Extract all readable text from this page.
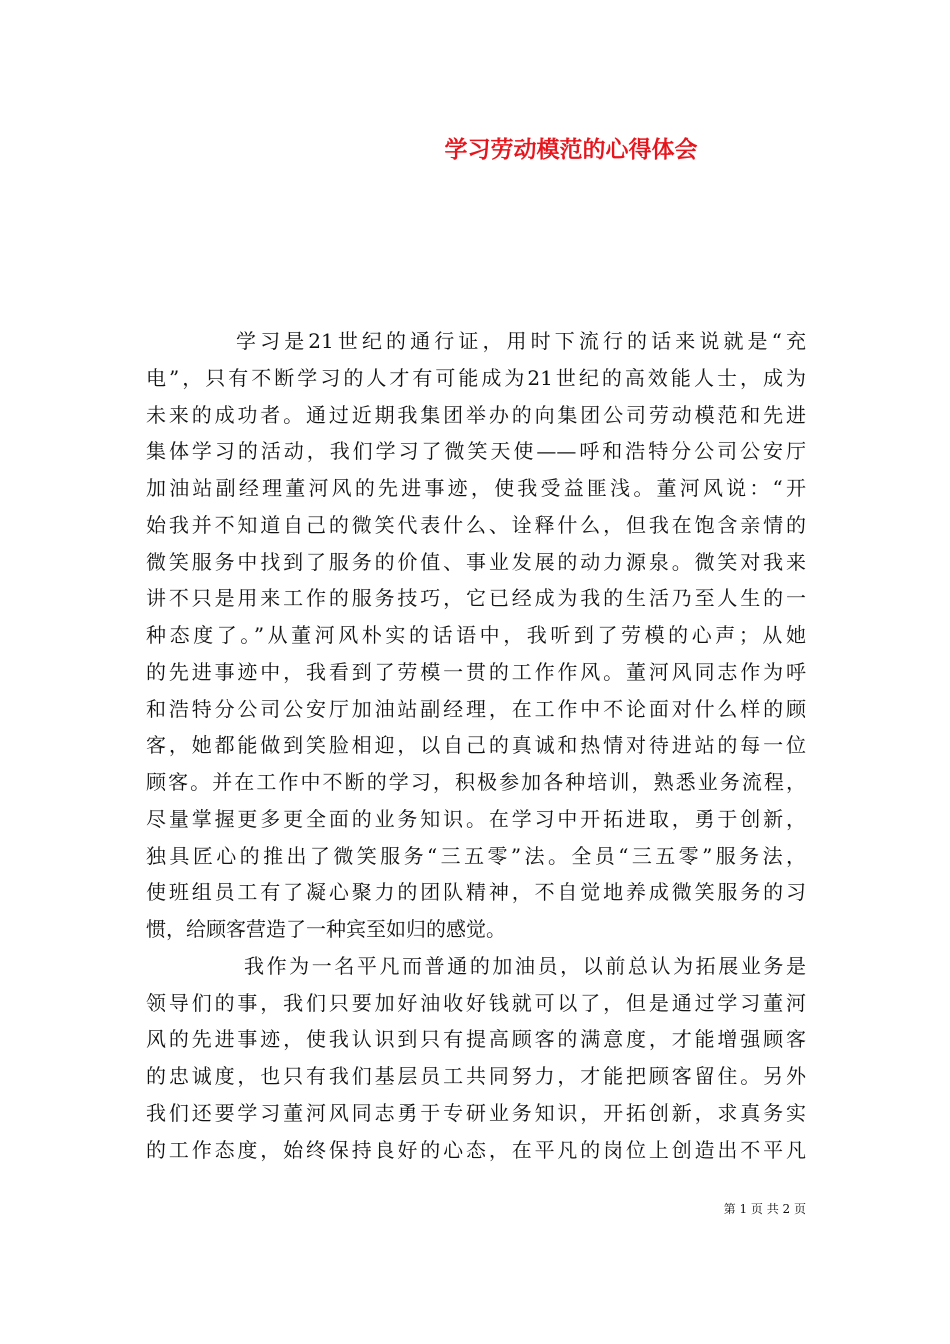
学习劳动模范的心得体会
学习是21世纪的通行证，用时下流行的话来说就是“充
电”，只有不断学习的人才有可能成为21世纪的高效能人士，成为
未来的成功者。通过近期我集团举办的向集团公司劳动模范和先进
集体学习的活动，我们学习了微笑天使——呼和浩特分公司公安厅
加油站副经理董河风的先进事迹，使我受益匪浅。董河风说：“开
始我并不知道自己的微笑代表什么、诠释什么，但我在饱含亲情的
微笑服务中找到了服务的价值、事业发展的动力源泉。微笑对我来
讲不只是用来工作的服务技巧，它已经成为我的生活乃至人生的一
种态度了。”从董河风朴实的话语中，我听到了劳模的心声；从她
的先进事迹中，我看到了劳模一贯的工作作风。董河风同志作为呼
和浩特分公司公安厅加油站副经理，在工作中不论面对什么样的顾
客，她都能做到笑脸相迎，以自己的真诚和热情对待进站的每一位
顾客。并在工作中不断的学习，积极参加各种培训，熟悉业务流程，
尽量掌握更多更全面的业务知识。在学习中开拓进取，勇于创新，
独具匠心的推出了微笑服务“三五零”法。全员“三五零”服务法，
使班组员工有了凝心聚力的团队精神，不自觉地养成微笑服务的习
惯，给顾客营造了一种宾至如归的感觉。
我作为一名平凡而普通的加油员，以前总认为拓展业务是
领导们的事，我们只要加好油收好钱就可以了，但是通过学习董河
风的先进事迹，使我认识到只有提高顾客的满意度，才能增强顾客
的忠诚度，也只有我们基层员工共同努力，才能把顾客留住。另外
我们还要学习董河风同志勇于专研业务知识，开拓创新，求真务实
的工作态度，始终保持良好的心态，在平凡的岗位上创造出不平凡
第 1 页 共 2 页
